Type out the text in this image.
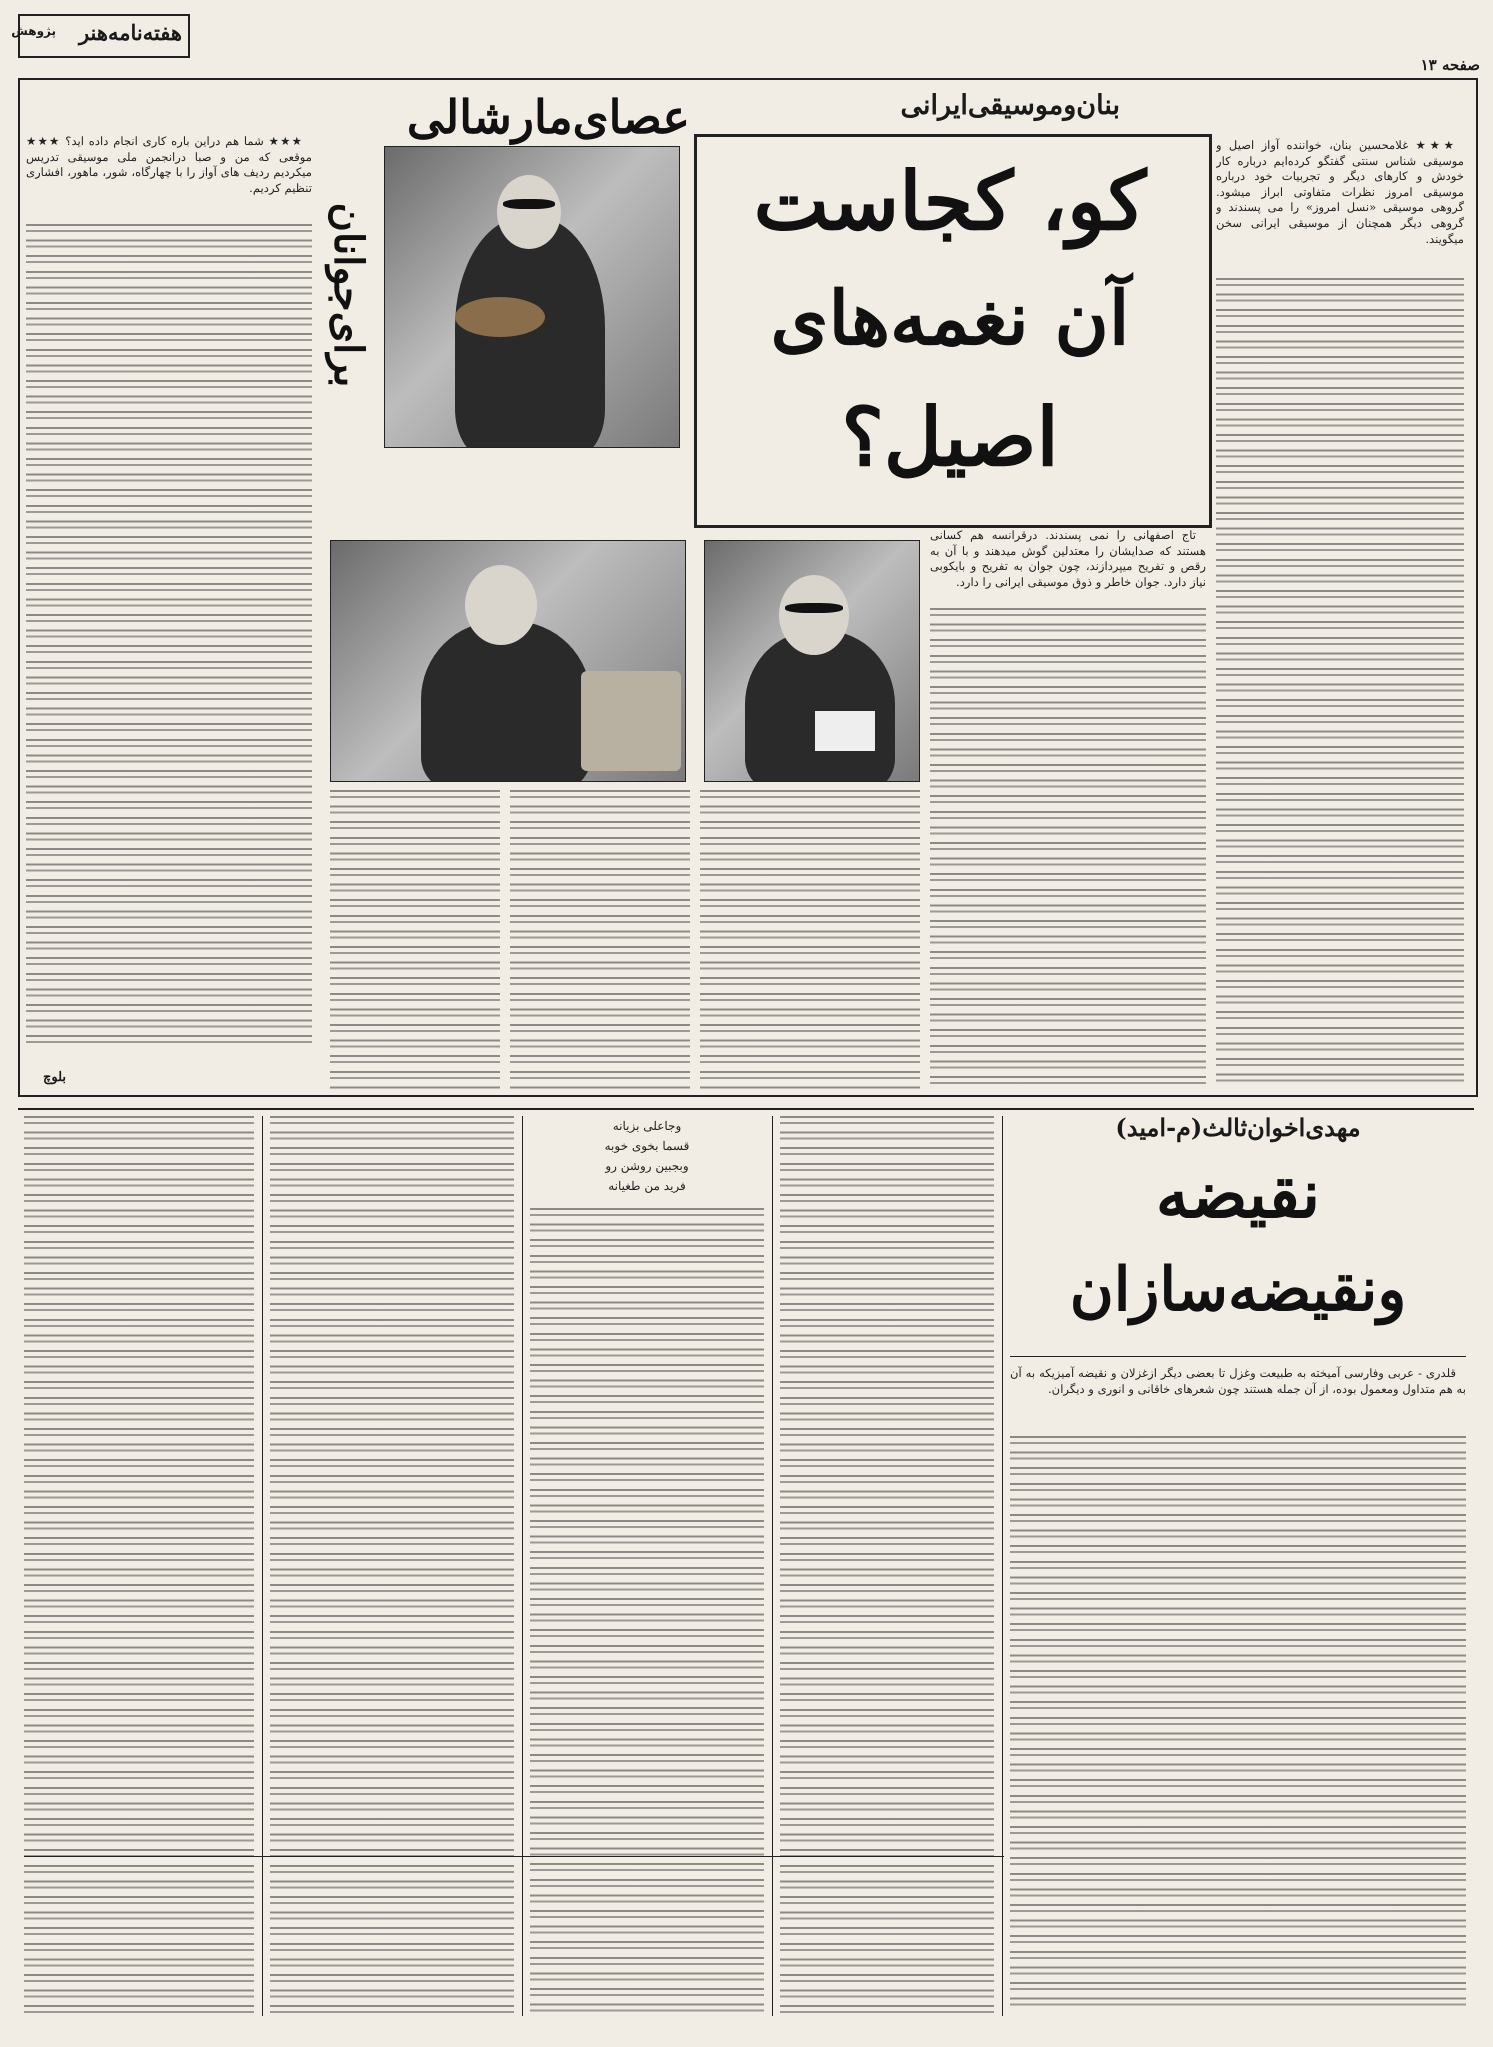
هفته‌نامه‌هنر
پژوهش
صفحه ۱۳

★★★ غلامحسین بنان، خواننده آواز اصیل و موسیقی شناس سنتی گفتگو کرده‌ایم درباره کار خودش و کارهای دیگر و تجربیات خود درباره موسیقی امروز نظرات متفاوتی ابراز میشود. گروهی موسیقی «نسل امروز» را می پسندند و گروهی دیگر همچنان از موسیقی ایرانی سخن میگویند.

بنان‌وموسیقی‌ایرانی
کو، کجاست
آن نغمه‌های
اصیل؟
عصای‌مارشالی
برای‌جوانان

★★★ شما هم دراین باره کاری انجام داده اید؟ ★★★ موقعی که من و صبا درانجمن ملی موسیقی تدریس میکردیم ردیف های آواز را با چهارگاه، شور، ماهور، افشاری تنظیم کردیم.

بلوچ

تاج اصفهانی را نمی پسندند. درقرانسه هم کسانی هستند که صدایشان را معتدلین گوش میدهند و با آن به رقص و تفریح میپردازند، چون جوان به تفریح و بایکوبی نیاز دارد. جوان خاطر و ذوق موسیقی ایرانی را دارد.

مهدی‌اخوان‌ثالث(م-امید)
نقیضه
ونقیضه‌سازان

قلدری - عربی وفارسی آمیخته به طبیعت وغزل تا بعضی دیگر ازغزلان و نقیضه آمیزیکه به آن به هم متداول ومعمول بوده، از آن جمله هستند چون شعرهای خاقانی و انوری و دیگران.

وجاعلی بزیانه
قسما بخوی خوبه
وبجبین روشن رو
فرید من طغیانه
